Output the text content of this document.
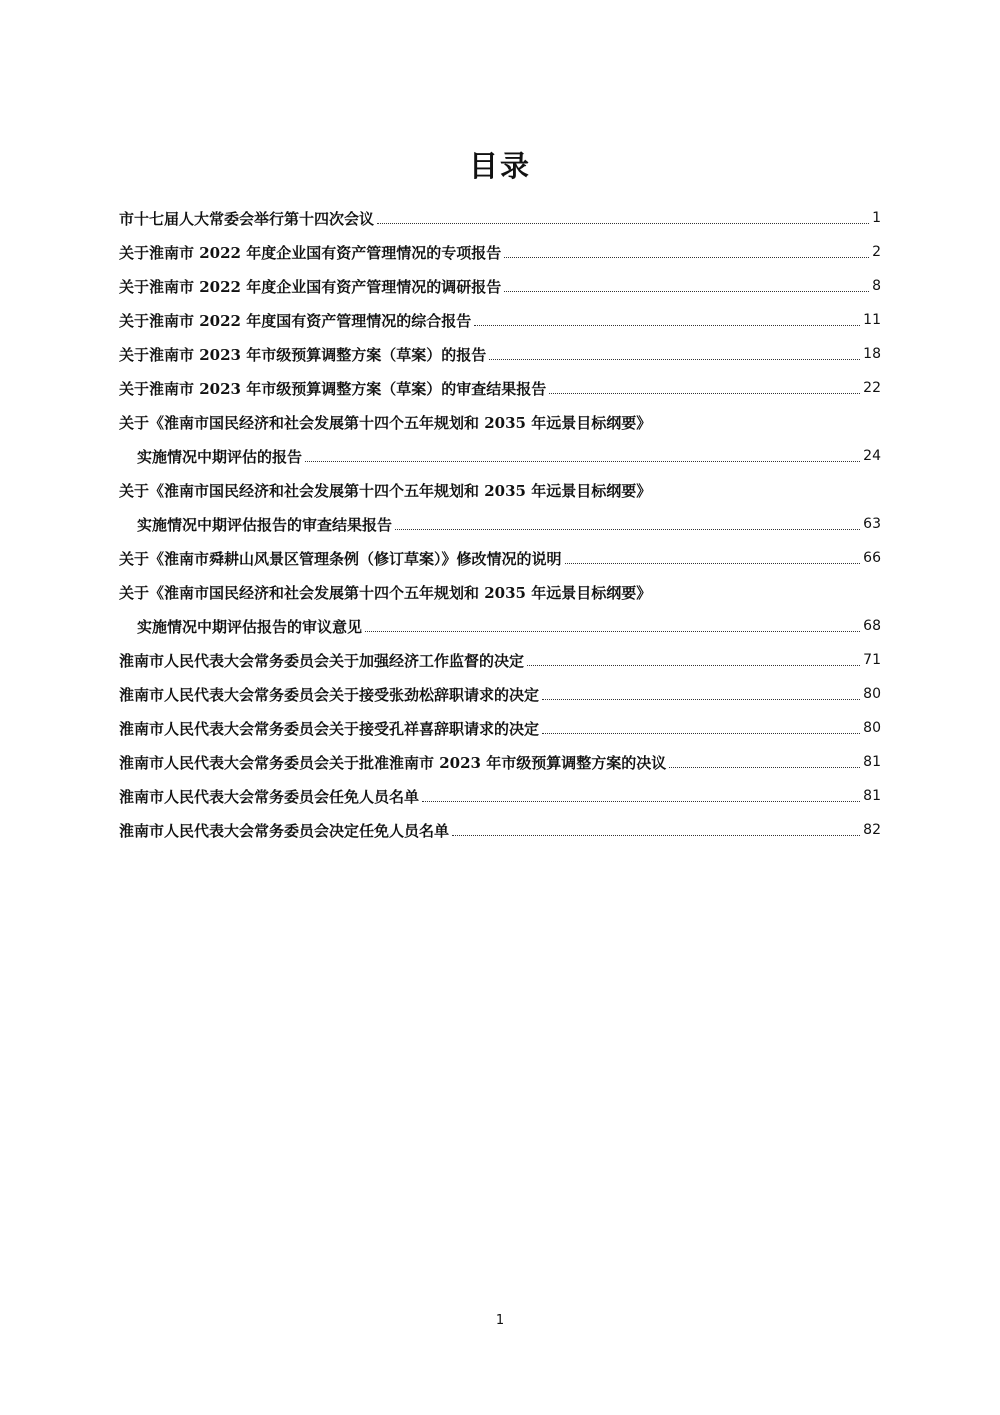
目录
市十七届人大常委会举行第十四次会议	1
关于淮南市 2022 年度企业国有资产管理情况的专项报告	2
关于淮南市 2022 年度企业国有资产管理情况的调研报告	8
关于淮南市 2022 年度国有资产管理情况的综合报告	11
关于淮南市 2023 年市级预算调整方案（草案）的报告	18
关于淮南市 2023 年市级预算调整方案（草案）的审查结果报告	22
关于《淮南市国民经济和社会发展第十四个五年规划和 2035 年远景目标纲要》
实施情况中期评估的报告	24
关于《淮南市国民经济和社会发展第十四个五年规划和 2035 年远景目标纲要》
实施情况中期评估报告的审查结果报告	63
关于《淮南市舜耕山风景区管理条例（修订草案）》修改情况的说明	66
关于《淮南市国民经济和社会发展第十四个五年规划和 2035 年远景目标纲要》
实施情况中期评估报告的审议意见	68
淮南市人民代表大会常务委员会关于加强经济工作监督的决定	71
淮南市人民代表大会常务委员会关于接受张劲松辞职请求的决定	80
淮南市人民代表大会常务委员会关于接受孔祥喜辞职请求的决定	80
淮南市人民代表大会常务委员会关于批准淮南市 2023 年市级预算调整方案的决议	81
淮南市人民代表大会常务委员会任免人员名单	81
淮南市人民代表大会常务委员会决定任免人员名单	82
1
